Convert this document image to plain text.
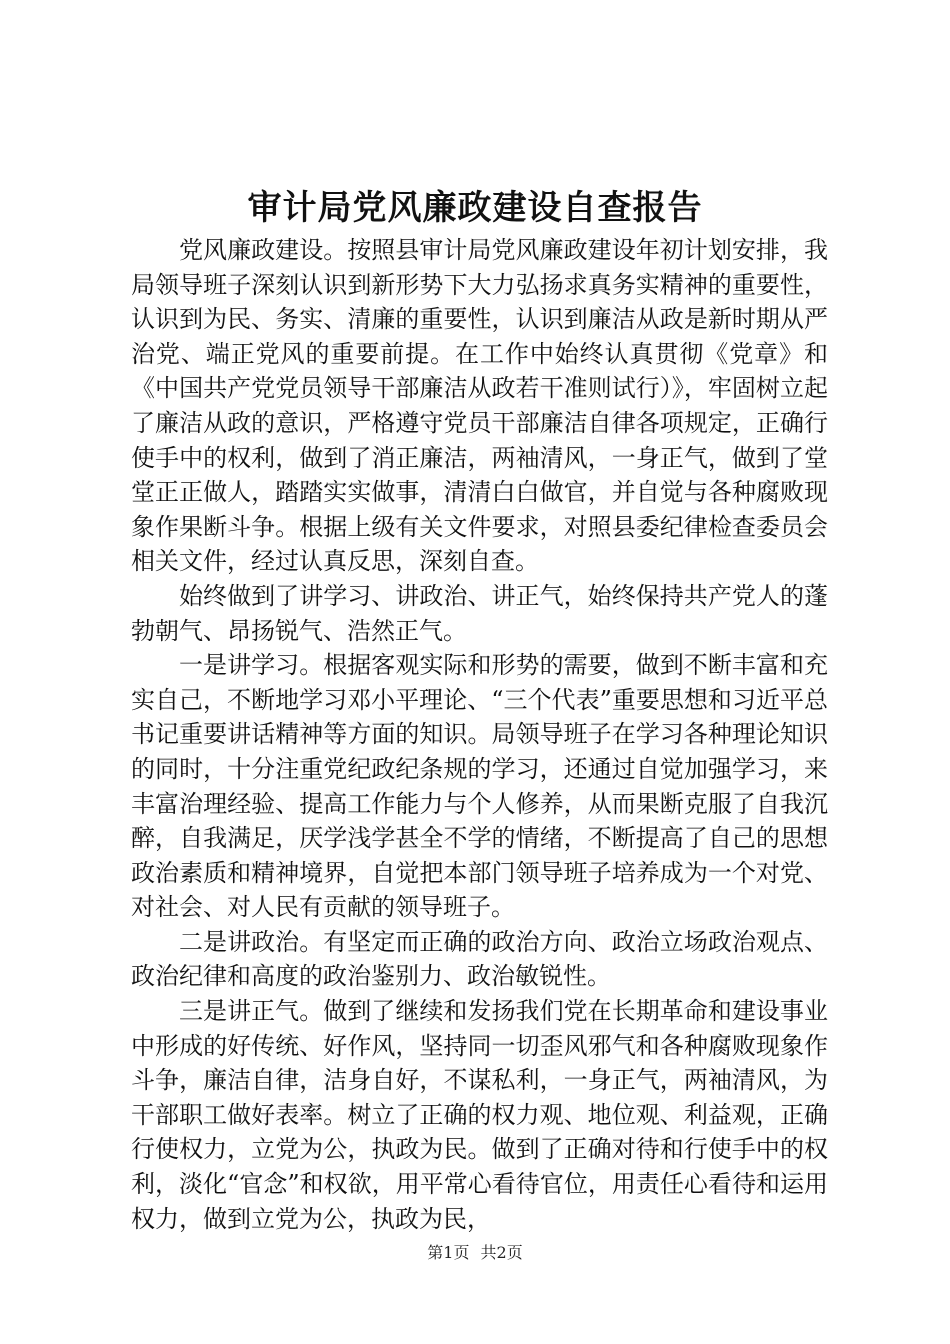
审计局党风廉政建设自查报告

党风廉政建设。按照县审计局党风廉政建设年初计划安排，我局领导班子深刻认识到新形势下大力弘扬求真务实精神的重要性，认识到为民、务实、清廉的重要性，认识到廉洁从政是新时期从严治党、端正党风的重要前提。在工作中始终认真贯彻《党章》和《中国共产党党员领导干部廉洁从政若干准则试行）》，牢固树立起了廉洁从政的意识，严格遵守党员干部廉洁自律各项规定，正确行使手中的权利，做到了消正廉洁，两袖清风，一身正气，做到了堂堂正正做人，踏踏实实做事，清清白白做官，并自觉与各种腐败现象作果断斗争。根据上级有关文件要求，对照县委纪律检查委员会相关文件，经过认真反思，深刻自查。

始终做到了讲学习、讲政治、讲正气，始终保持共产党人的蓬勃朝气、昂扬锐气、浩然正气。

一是讲学习。根据客观实际和形势的需要，做到不断丰富和充实自己，不断地学习邓小平理论、“三个代表”重要思想和习近平总书记重要讲话精神等方面的知识。局领导班子在学习各种理论知识的同时，十分注重党纪政纪条规的学习，还通过自觉加强学习，来丰富治理经验、提高工作能力与个人修养，从而果断克服了自我沉醉，自我满足，厌学浅学甚全不学的情绪，不断提高了自己的思想政治素质和精神境界，自觉把本部门领导班子培养成为一个对党、对社会、对人民有贡献的领导班子。

二是讲政治。有坚定而正确的政治方向、政治立场政治观点、政治纪律和高度的政治鉴别力、政治敏锐性。

三是讲正气。做到了继续和发扬我们党在长期革命和建设事业中形成的好传统、好作风，坚持同一切歪风邪气和各种腐败现象作斗争，廉洁自律，洁身自好，不谋私利，一身正气，两袖清风，为干部职工做好表率。树立了正确的权力观、地位观、利益观，正确行使权力，立党为公，执政为民。做到了正确对待和行使手中的权利，淡化“官念”和权欲，用平常心看待官位，用责任心看待和运用权力，做到立党为公，执政为民，

第1页 共2页
